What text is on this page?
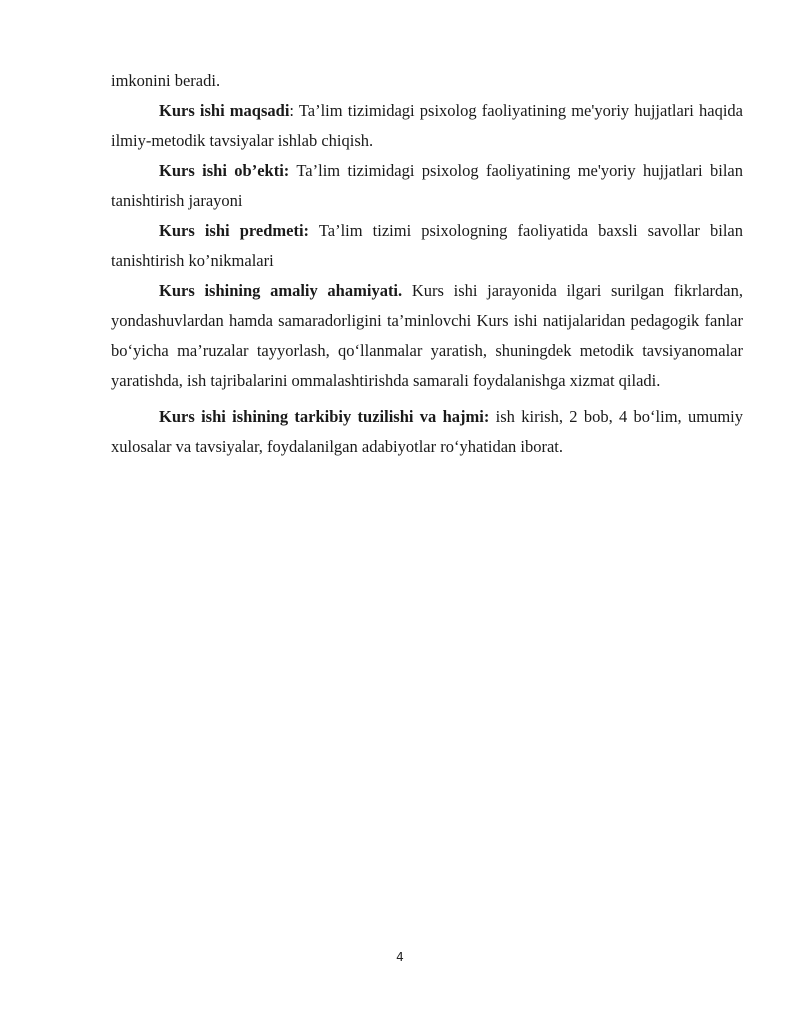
imkonini beradi.

Kurs ishi maqsadi: Ta’lim tizimidagi psixolog faoliyatining me'yoriy hujjatlari haqida ilmiy-metodik tavsiyalar ishlab chiqish.

Kurs ishi ob’ekti: Ta’lim tizimidagi psixolog faoliyatining me'yoriy hujjatlari bilan tanishtirish jarayoni

Kurs ishi predmeti: Ta’lim tizimi psixologning faoliyatida baxsli savollar bilan tanishtirish ko’nikmalari

Kurs ishining amaliy ahamiyati. Kurs ishi jarayonida ilgari surilgan fikrlardan, yondashuvlardan hamda samaradorligini ta’minlovchi Kurs ishi natijalaridan pedagogik fanlar bo‘yicha ma’ruzalar tayyorlash, qo‘llanmalar yaratish, shuningdek metodik tavsiyanomalar yaratishda, ish tajribalarini ommalashtirishda samarali foydalanishga xizmat qiladi.

Kurs ishi ishining tarkibiy tuzilishi va hajmi: ish kirish, 2 bob, 4 bo‘lim, umumiy xulosalar va tavsiyalar, foydalanilgan adabiyotlar ro‘yhatidan iborat.

4
